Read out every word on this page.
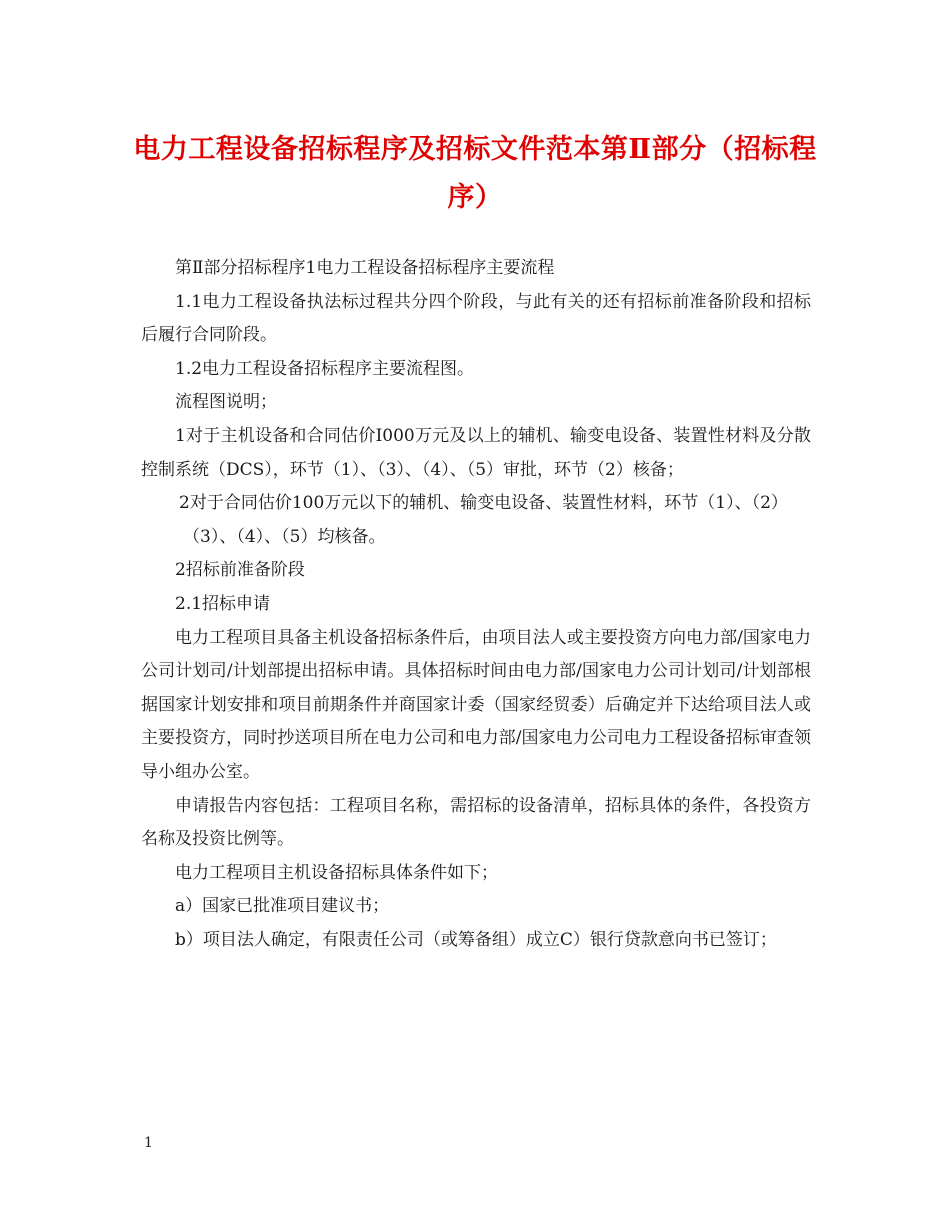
电力工程设备招标程序及招标文件范本第Ⅱ部分（招标程序）

第Ⅱ部分招标程序1电力工程设备招标程序主要流程

1.1电力工程设备执法标过程共分四个阶段，与此有关的还有招标前准备阶段和招标后履行合同阶段。

1.2电力工程设备招标程序主要流程图。

流程图说明；

1对于主机设备和合同估价I000万元及以上的辅机、输变电设备、装置性材料及分散控制系统（DCS），环节（1）、（3）、（4）、（5）审批，环节（2）核备；

2对于合同估价100万元以下的辅机、输变电设备、装置性材料，环节（1）、（2）

（3）、（4）、（5）均核备。

2招标前准备阶段

2.1招标申请

电力工程项目具备主机设备招标条件后，由项目法人或主要投资方向电力部/国家电力公司计划司/计划部提出招标申请。具体招标时间由电力部/国家电力公司计划司/计划部根据国家计划安排和项目前期条件并商国家计委（国家经贸委）后确定并下达给项目法人或主要投资方，同时抄送项目所在电力公司和电力部/国家电力公司电力工程设备招标审查领导小组办公室。

申请报告内容包括：工程项目名称，需招标的设备清单，招标具体的条件，各投资方名称及投资比例等。

电力工程项目主机设备招标具体条件如下；

a）国家已批准项目建议书；

b）项目法人确定，有限责任公司（或筹备组）成立C）银行贷款意向书已签订；

1
